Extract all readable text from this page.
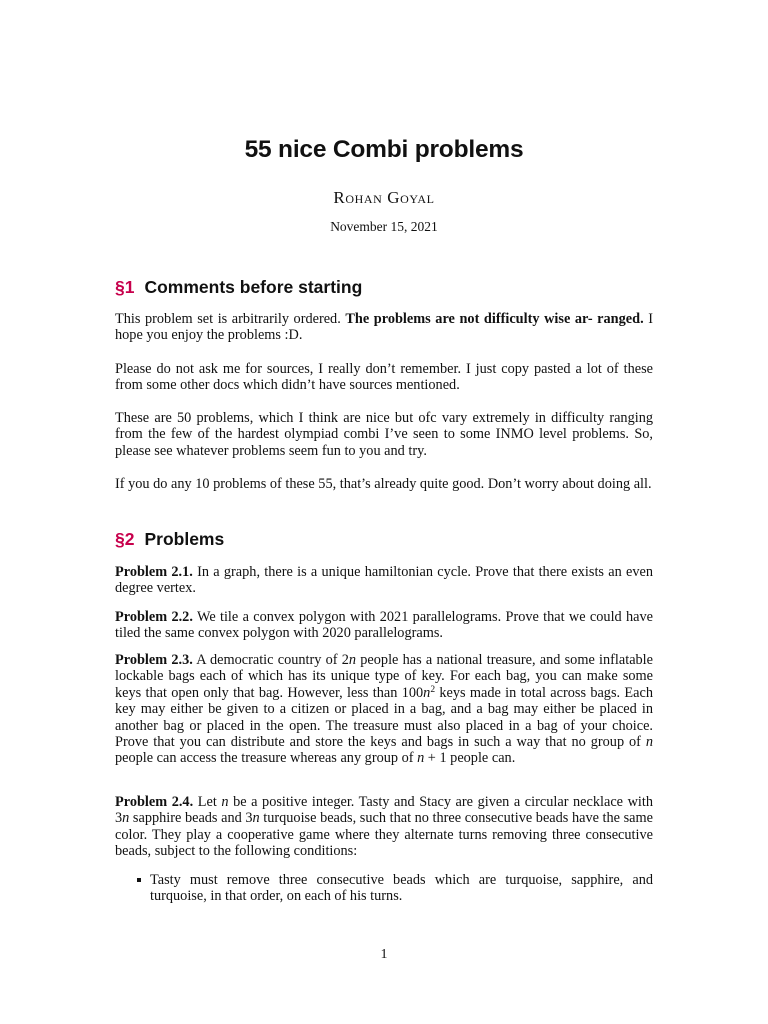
55 nice Combi problems
Rohan Goyal
November 15, 2021
§1 Comments before starting

This problem set is arbitrarily ordered. The problems are not difficulty wise ar- ranged. I hope you enjoy the problems :D.

Please do not ask me for sources, I really don’t remember. I just copy pasted a lot of these from some other docs which didn’t have sources mentioned.

These are 50 problems, which I think are nice but ofc vary extremely in difficulty ranging from the few of the hardest olympiad combi I’ve seen to some INMO level problems. So, please see whatever problems seem fun to you and try.

If you do any 10 problems of these 55, that’s already quite good. Don’t worry about doing all.

§2 Problems

Problem 2.1. In a graph, there is a unique hamiltonian cycle. Prove that there exists an even degree vertex.

Problem 2.2. We tile a convex polygon with 2021 parallelograms. Prove that we could have tiled the same convex polygon with 2020 parallelograms.

Problem 2.3. A democratic country of 2n people has a national treasure, and some inflatable lockable bags each of which has its unique type of key. For each bag, you can make some keys that open only that bag. However, less than $100n^2$ keys made in total across bags. Each key may either be given to a citizen or placed in a bag, and a bag may either be placed in another bag or placed in the open. The treasure must also placed in a bag of your choice. Prove that you can distribute and store the keys and bags in such a way that no group of n people can access the treasure whereas any group of n + 1 people can.

Problem 2.4. Let n be a positive integer. Tasty and Stacy are given a circular necklace with 3n sapphire beads and 3n turquoise beads, such that no three consecutive beads have the same color. They play a cooperative game where they alternate turns removing three consecutive beads, subject to the following conditions:

Tasty must remove three consecutive beads which are turquoise, sapphire, and turquoise, in that order, on each of his turns.

1
